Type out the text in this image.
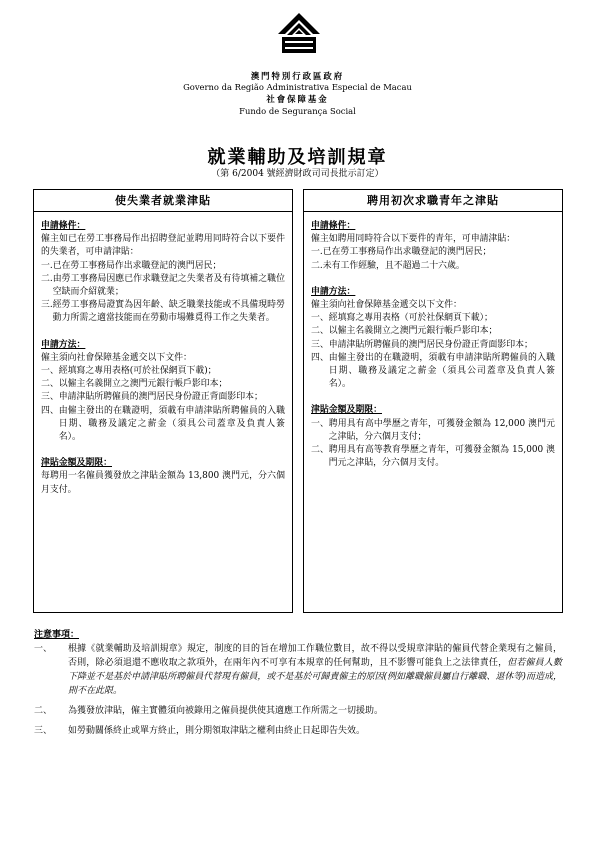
澳門特別行政區政府
Governo da Região Administrativa Especial de Macau
社會保障基金
Fundo de Segurança Social
就業輔助及培訓規章
（第 6/2004 號經濟財政司司長批示訂定）
使失業者就業津貼
申請條件：
僱主如已在勞工事務局作出招聘登記並聘用同時符合以下要件的失業者，可申請津貼：
一. 已在勞工事務局作出求職登記的澳門居民；
二. 由勞工事務局因應已作求職登記之失業者及有待填補之職位空缺而介紹就業；
三. 經勞工事務局證實為因年齡、缺乏職業技能或不具備現時勞動力所需之適當技能而在勞動市場難覓得工作之失業者。
申請方法：
僱主須向社會保障基金遞交以下文件：
一、 經填寫之專用表格(可於社保網頁下載)；
二、 以僱主名義開立之澳門元銀行帳戶影印本；
三、 申請津貼所聘僱員的澳門居民身份證正背面影印本；
四、 由僱主發出的在職證明，須載有申請津貼所聘僱員的入職日期、職務及議定之薪金（須具公司蓋章及負責人簽名）。
津貼金額及期限：
每聘用一名僱員獲發放之津貼金額為 13,800 澳門元，分六個月支付。
聘用初次求職青年之津貼
申請條件：
僱主如聘用同時符合以下要件的青年，可申請津貼：
一. 已在勞工事務局作出求職登記的澳門居民；
二. 未有工作經驗，且不超過二十六歲。
申請方法：
僱主須向社會保障基金遞交以下文件：
一、 經填寫之專用表格（可於社保網頁下載）；
二、 以僱主名義開立之澳門元銀行帳戶影印本；
三、 申請津貼所聘僱員的澳門居民身份證正背面影印本；
四、 由僱主發出的在職證明，須載有申請津貼所聘僱員的入職日期、職務及議定之薪金（須具公司蓋章及負責人簽名）。
津貼金額及期限：
一、 聘用具有高中學歷之青年，可獲發金額為 12,000 澳門元之津貼，分六個月支付；
二、 聘用具有高等教育學歷之青年，可獲發金額為 15,000 澳門元之津貼，分六個月支付。
注意事項：
一、	根據《就業輔助及培訓規章》規定，制度的目的旨在增加工作職位數目，故不得以受規章津貼的僱員代替企業現有之僱員，否則，除必須退還不應收取之款項外，在兩年內不可享有本規章的任何幫助，且不影響可能負上之法律責任，但若僱員人數下降並不是基於申請津貼所聘僱員代替現有僱員，或不是基於可歸責僱主的原因(例如離職僱員屬自行離職、退休等)而造成，則不在此限。
二、	為獲發放津貼，僱主實體須向被錄用之僱員提供使其適應工作所需之一切援助。
三、	如勞動關係終止或單方終止，則分期領取津貼之權利由終止日起即告失效。
